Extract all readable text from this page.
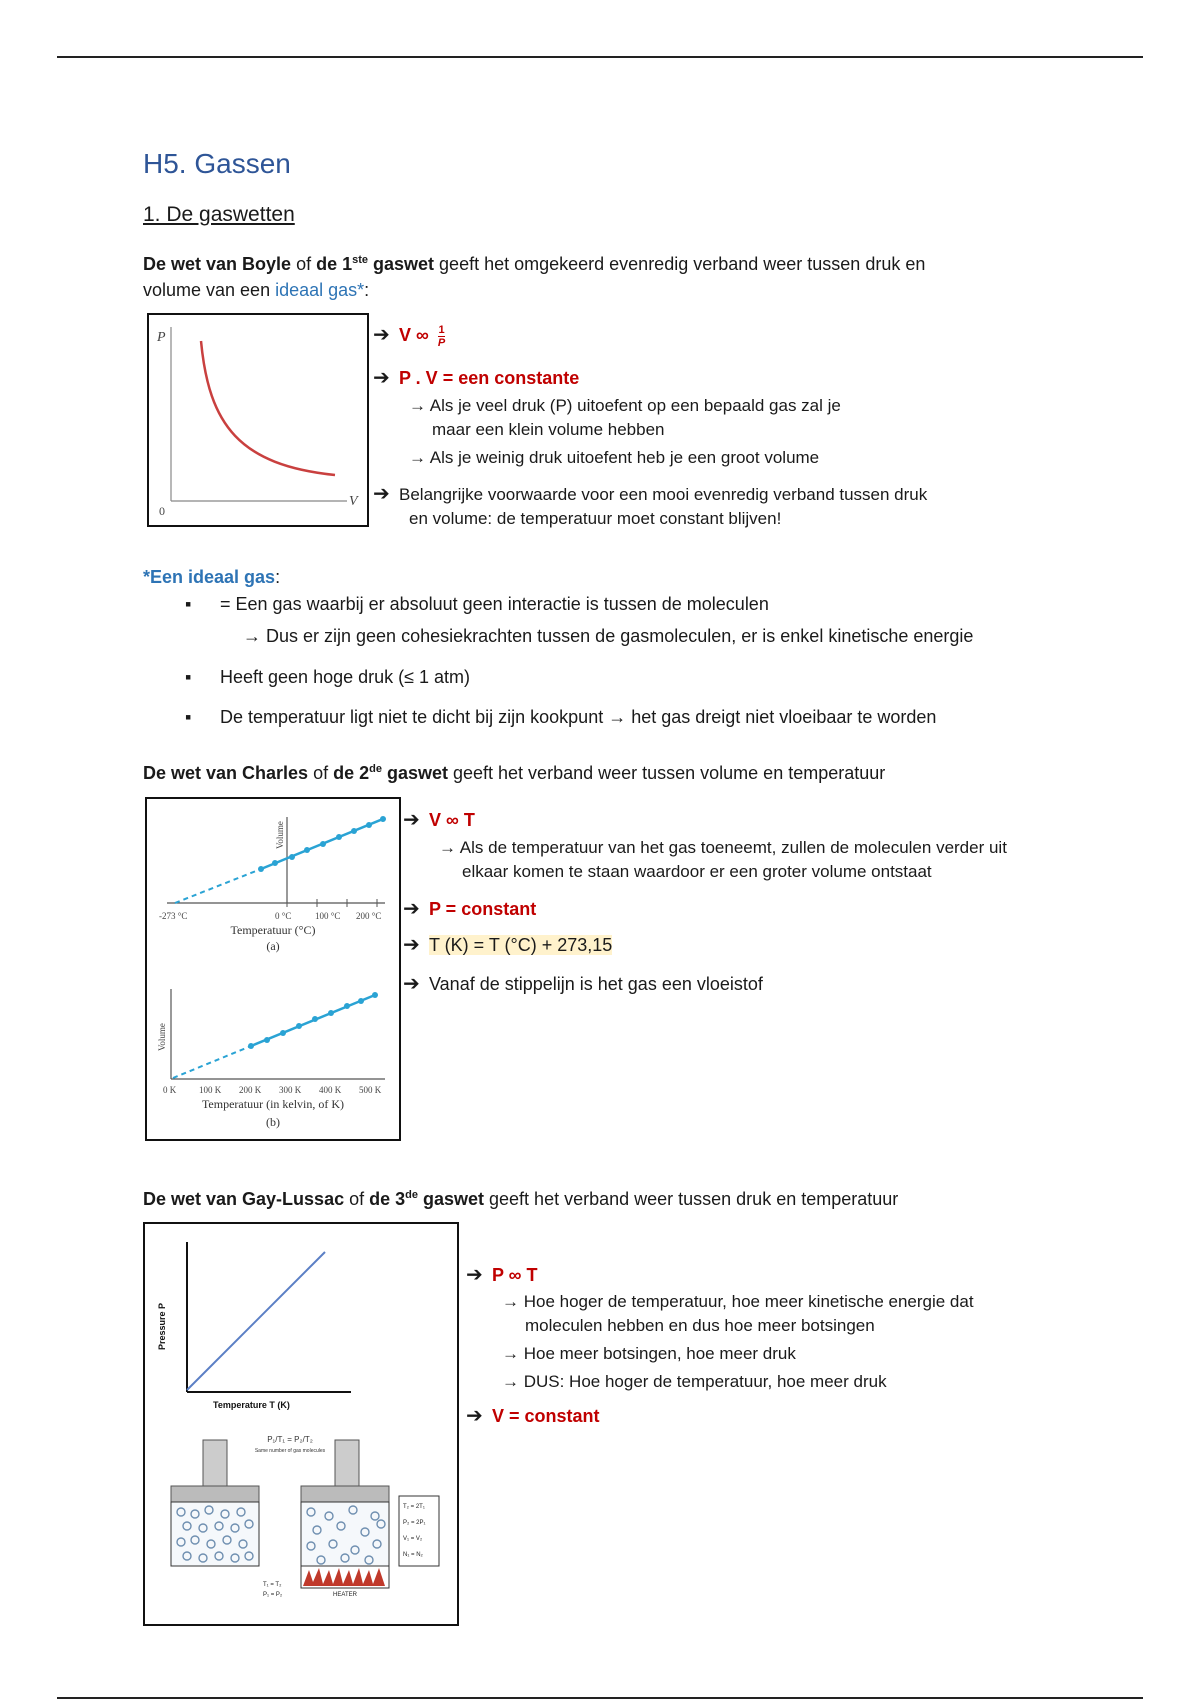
H5. Gassen
1. De gaswetten
De wet van Boyle of de 1ste gaswet geeft het omgekeerd evenredig verband weer tussen druk en
volume van een ideaal gas*:
P
V
0
➔ V ∞ $\frac{1}{P}$
➔ P . V = een constante
→ Als je veel druk (P) uitoefent op een bepaald gas zal je
maar een klein volume hebben
→ Als je weinig druk uitoefent heb je een groot volume
➔ Belangrijke voorwaarde voor een mooi evenredig verband tussen druk
en volume: de temperatuur moet constant blijven!
*Een ideaal gas:
▪ = Een gas waarbij er absoluut geen interactie is tussen de moleculen
→ Dus er zijn geen cohesiekrachten tussen de gasmoleculen, er is enkel kinetische energie
▪ Heeft geen hoge druk (≤ 1 atm)
▪ De temperatuur ligt niet te dicht bij zijn kookpunt → het gas dreigt niet vloeibaar te worden
De wet van Charles of de 2de gaswet geeft het verband weer tussen volume en temperatuur
Volume
-273 °C	0 °C	100 °C 200 °C
Temperatuur (°C)
(a)
Volume
0 K	100 K 200 K 300 K 400 K 500 K
Temperatuur (in kelvin, of K)
(b)
➔ V ∞ T
→ Als de temperatuur van het gas toeneemt, zullen de moleculen verder uit
elkaar komen te staan waardoor er een groter volume ontstaat
➔ P = constant
➔ T (K) = T (°C) + 273,15
➔ Vanaf de stippelijn is het gas een vloeistof
De wet van Gay-Lussac of de 3de gaswet geeft het verband weer tussen druk en temperatuur
Pressure P
Temperature T (K)
P₁/T₁ = P₂/T₂
Same number of gas molecules
T₁ = T₂
P₁ = P₂	HEATER
T₂ = 2T₁
P₂ = 2P₁
V₁ = V₂
N₁ = N₂
➔ P ∞ T
→ Hoe hoger de temperatuur, hoe meer kinetische energie dat
moleculen hebben en dus hoe meer botsingen
→ Hoe meer botsingen, hoe meer druk
→ DUS: Hoe hoger de temperatuur, hoe meer druk
➔ V = constant
